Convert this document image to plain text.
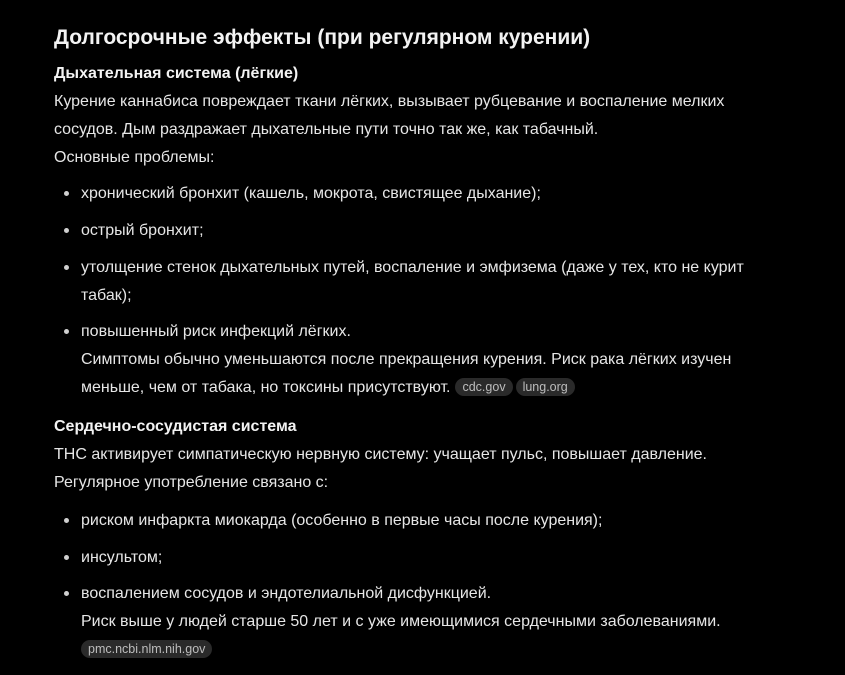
Долгосрочные эффекты (при регулярном курении)
Дыхательная система (лёгкие)
Курение каннабиса повреждает ткани лёгких, вызывает рубцевание и воспаление мелких
сосудов. Дым раздражает дыхательные пути точно так же, как табачный.
Основные проблемы:
хронический бронхит (кашель, мокрота, свистящее дыхание);
острый бронхит;
утолщение стенок дыхательных путей, воспаление и эмфизема (даже у тех, кто не курит
табак);
повышенный риск инфекций лёгких.
Симптомы обычно уменьшаются после прекращения курения. Риск рака лёгких изучен
меньше, чем от табака, но токсины присутствуют. cdc.gov lung.org
Сердечно-сосудистая система
THC активирует симпатическую нервную систему: учащает пульс, повышает давление.
Регулярное употребление связано с:
риском инфаркта миокарда (особенно в первые часы после курения);
инсультом;
воспалением сосудов и эндотелиальной дисфункцией.
Риск выше у людей старше 50 лет и с уже имеющимися сердечными заболеваниями.
pmc.ncbi.nlm.nih.gov
